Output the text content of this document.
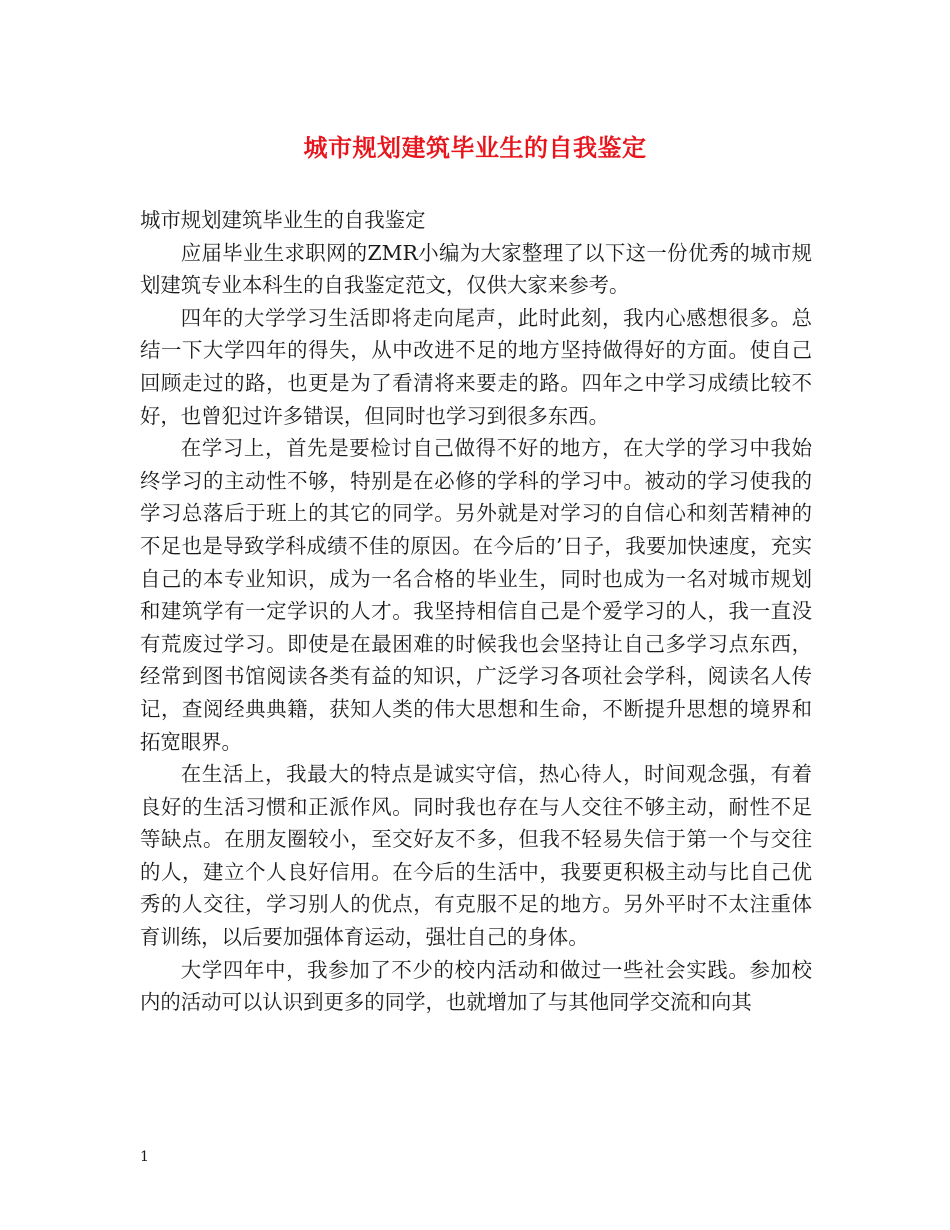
城市规划建筑毕业生的自我鉴定

城市规划建筑毕业生的自我鉴定

应届毕业生求职网的ZMR小编为大家整理了以下这一份优秀的城市规划建筑专业本科生的自我鉴定范文，仅供大家来参考。

四年的大学学习生活即将走向尾声，此时此刻，我内心感想很多。总结一下大学四年的得失，从中改进不足的地方坚持做得好的方面。使自己回顾走过的路，也更是为了看清将来要走的路。四年之中学习成绩比较不好，也曾犯过许多错误，但同时也学习到很多东西。

在学习上，首先是要检讨自己做得不好的地方，在大学的学习中我始终学习的主动性不够，特别是在必修的学科的学习中。被动的学习使我的学习总落后于班上的其它的同学。另外就是对学习的自信心和刻苦精神的不足也是导致学科成绩不佳的原因。在今后的’日子，我要加快速度，充实自己的本专业知识，成为一名合格的毕业生，同时也成为一名对城市规划和建筑学有一定学识的人才。我坚持相信自己是个爱学习的人，我一直没有荒废过学习。即使是在最困难的时候我也会坚持让自己多学习点东西，经常到图书馆阅读各类有益的知识，广泛学习各项社会学科，阅读名人传记，查阅经典典籍，获知人类的伟大思想和生命，不断提升思想的境界和拓宽眼界。

在生活上，我最大的特点是诚实守信，热心待人，时间观念强，有着良好的生活习惯和正派作风。同时我也存在与人交往不够主动，耐性不足等缺点。在朋友圈较小，至交好友不多，但我不轻易失信于第一个与交往的人，建立个人良好信用。在今后的生活中，我要更积极主动与比自己优秀的人交往，学习别人的优点，有克服不足的地方。另外平时不太注重体育训练，以后要加强体育运动，强壮自己的身体。

大学四年中，我参加了不少的校内活动和做过一些社会实践。参加校内的活动可以认识到更多的同学，也就增加了与其他同学交流和向其

1
